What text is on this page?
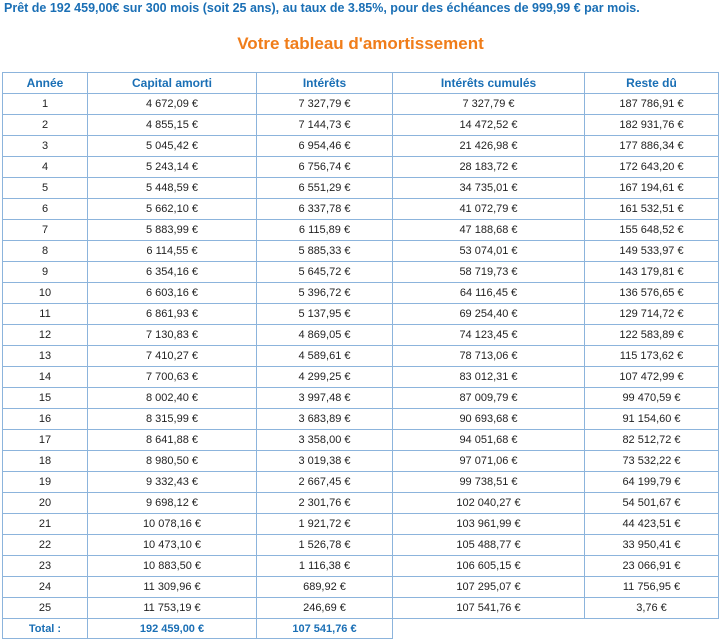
Prêt de 192 459,00€ sur 300 mois (soit 25 ans), au taux de 3.85%, pour des échéances de 999,99 € par mois.
Votre tableau d'amortissement
Année	Capital amorti	Intérêts	Intérêts cumulés	Reste dû
1	4 672,09 €	7 327,79 €	7 327,79 €	187 786,91 €
2	4 855,15 €	7 144,73 €	14 472,52 €	182 931,76 €
3	5 045,42 €	6 954,46 €	21 426,98 €	177 886,34 €
4	5 243,14 €	6 756,74 €	28 183,72 €	172 643,20 €
5	5 448,59 €	6 551,29 €	34 735,01 €	167 194,61 €
6	5 662,10 €	6 337,78 €	41 072,79 €	161 532,51 €
7	5 883,99 €	6 115,89 €	47 188,68 €	155 648,52 €
8	6 114,55 €	5 885,33 €	53 074,01 €	149 533,97 €
9	6 354,16 €	5 645,72 €	58 719,73 €	143 179,81 €
10	6 603,16 €	5 396,72 €	64 116,45 €	136 576,65 €
11	6 861,93 €	5 137,95 €	69 254,40 €	129 714,72 €
12	7 130,83 €	4 869,05 €	74 123,45 €	122 583,89 €
13	7 410,27 €	4 589,61 €	78 713,06 €	115 173,62 €
14	7 700,63 €	4 299,25 €	83 012,31 €	107 472,99 €
15	8 002,40 €	3 997,48 €	87 009,79 €	99 470,59 €
16	8 315,99 €	3 683,89 €	90 693,68 €	91 154,60 €
17	8 641,88 €	3 358,00 €	94 051,68 €	82 512,72 €
18	8 980,50 €	3 019,38 €	97 071,06 €	73 532,22 €
19	9 332,43 €	2 667,45 €	99 738,51 €	64 199,79 €
20	9 698,12 €	2 301,76 €	102 040,27 €	54 501,67 €
21	10 078,16 €	1 921,72 €	103 961,99 €	44 423,51 €
22	10 473,10 €	1 526,78 €	105 488,77 €	33 950,41 €
23	10 883,50 €	1 116,38 €	106 605,15 €	23 066,91 €
24	11 309,96 €	689,92 €	107 295,07 €	11 756,95 €
25	11 753,19 €	246,69 €	107 541,76 €	3,76 €
Total :	192 459,00 €	107 541,76 €		
